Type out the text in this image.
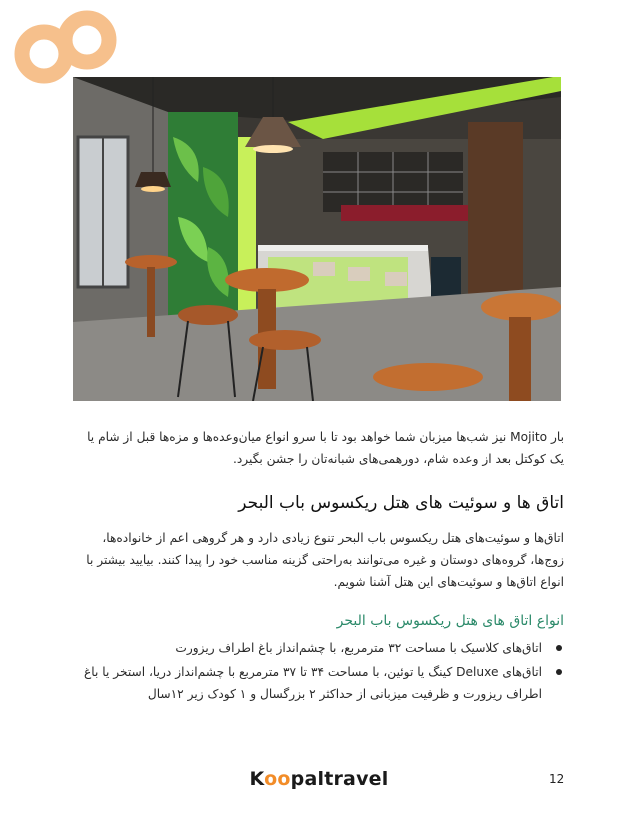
بار Mojito نیز شب‌ها میزبان شما خواهد بود تا با سرو انواع میان‌وعده‌ها و مزه‌ها قبل از شام یا یک کوکتل بعد از وعده شام، دورهمی‌های شبانه‌تان را جشن بگیرد.

اتاق ها و سوئیت های هتل ریکسوس باب البحر

اتاق‌ها و سوئیت‌های هتل ریکسوس باب البحر تنوع زیادی دارد و هر گروهی اعم از خانواده‌ها، زوج‌ها، گروه‌های دوستان و غیره می‌توانند به‌راحتی گزینه مناسب خود را پیدا کنند. بیایید بیشتر با انواع اتاق‌ها و سوئیت‌های این هتل آشنا شویم.

انواع اتاق های هتل ریکسوس باب البحر
اتاق‌های کلاسیک با مساحت ۳۲ مترمربع، با چشم‌انداز باغ اطراف ریزورت
اتاق‌های Deluxe کینگ یا توئین، با مساحت ۳۴ تا ۳۷ مترمربع با چشم‌انداز دریا، استخر یا باغ اطراف ریزورت و ظرفیت میزبانی از حداکثر ۲ بزرگسال و ۱ کودک زیر ۱۲سال
Koopaltravel	12
